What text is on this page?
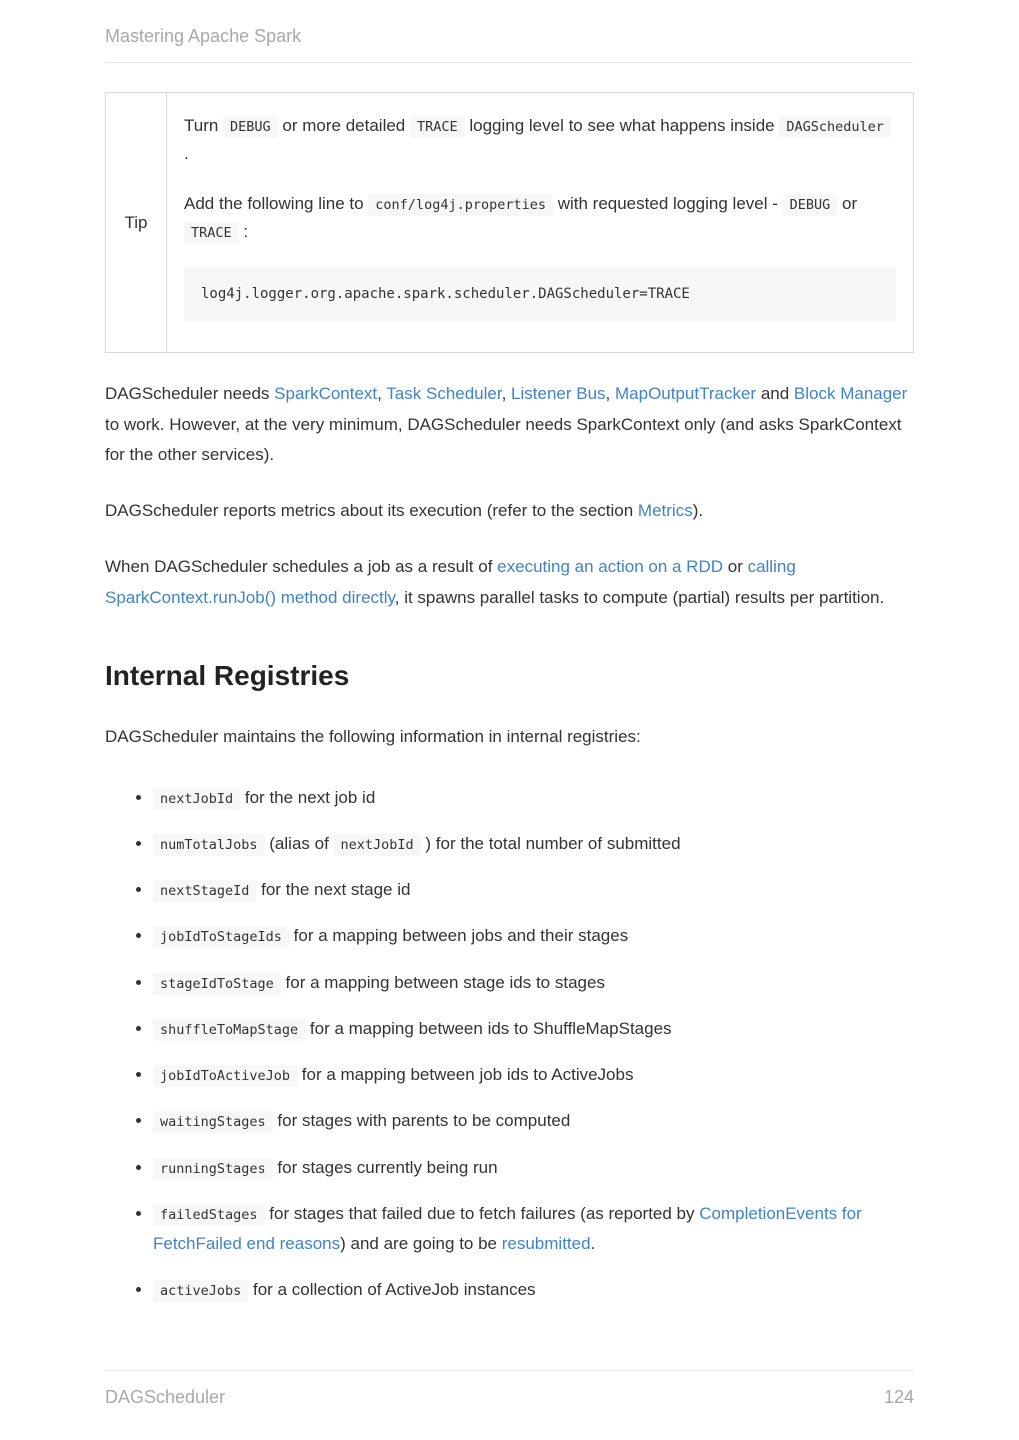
Mastering Apache Spark
Tip

Turn DEBUG or more detailed TRACE logging level to see what happens inside DAGScheduler .

Add the following line to conf/log4j.properties with requested logging level - DEBUG or TRACE :

log4j.logger.org.apache.spark.scheduler.DAGScheduler=TRACE

DAGScheduler needs SparkContext, Task Scheduler, Listener Bus, MapOutputTracker and Block Manager to work. However, at the very minimum, DAGScheduler needs SparkContext only (and asks SparkContext for the other services).

DAGScheduler reports metrics about its execution (refer to the section Metrics).

When DAGScheduler schedules a job as a result of executing an action on a RDD or calling SparkContext.runJob() method directly, it spawns parallel tasks to compute (partial) results per partition.

Internal Registries

DAGScheduler maintains the following information in internal registries:

• nextJobId for the next job id
• numTotalJobs (alias of nextJobId ) for the total number of submitted
• nextStageId for the next stage id
• jobIdToStageIds for a mapping between jobs and their stages
• stageIdToStage for a mapping between stage ids to stages
• shuffleToMapStage for a mapping between ids to ShuffleMapStages
• jobIdToActiveJob for a mapping between job ids to ActiveJobs
• waitingStages for stages with parents to be computed
• runningStages for stages currently being run
• failedStages for stages that failed due to fetch failures (as reported by CompletionEvents for FetchFailed end reasons) and are going to be resubmitted.
• activeJobs for a collection of ActiveJob instances
DAGScheduler	124
